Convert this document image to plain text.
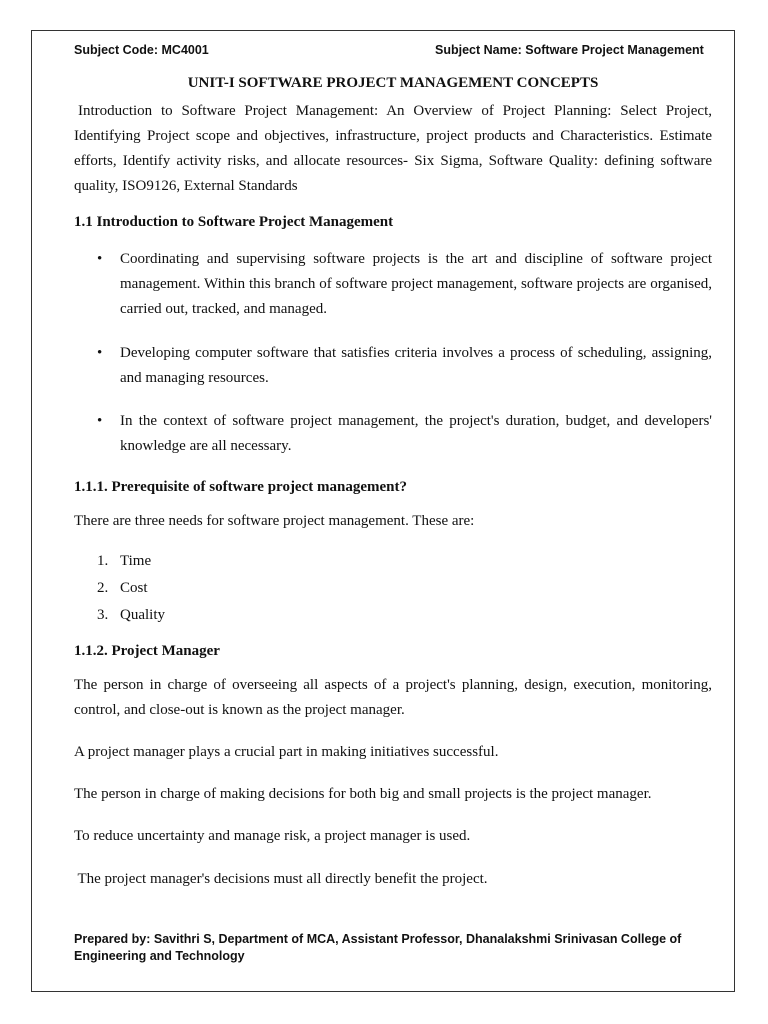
Subject Code: MC4001	Subject Name: Software Project Management
UNIT-I SOFTWARE PROJECT MANAGEMENT CONCEPTS
Introduction to Software Project Management: An Overview of Project Planning: Select Project, Identifying Project scope and objectives, infrastructure, project products and Characteristics. Estimate efforts, Identify activity risks, and allocate resources- Six Sigma, Software Quality: defining software quality, ISO9126, External Standards
1.1 Introduction to Software Project Management
• Coordinating and supervising software projects is the art and discipline of software project management. Within this branch of software project management, software projects are organised, carried out, tracked, and managed.
• Developing computer software that satisfies criteria involves a process of scheduling, assigning, and managing resources.
• In the context of software project management, the project's duration, budget, and developers' knowledge are all necessary.
1.1.1. Prerequisite of software project management?
There are three needs for software project management. These are:
1. Time
2. Cost
3. Quality
1.1.2. Project Manager
The person in charge of overseeing all aspects of a project's planning, design, execution, monitoring, control, and close-out is known as the project manager.
A project manager plays a crucial part in making initiatives successful.
The person in charge of making decisions for both big and small projects is the project manager.
To reduce uncertainty and manage risk, a project manager is used.
The project manager's decisions must all directly benefit the project.
Prepared by: Savithri S, Department of MCA, Assistant Professor, Dhanalakshmi Srinivasan College of Engineering and Technology
